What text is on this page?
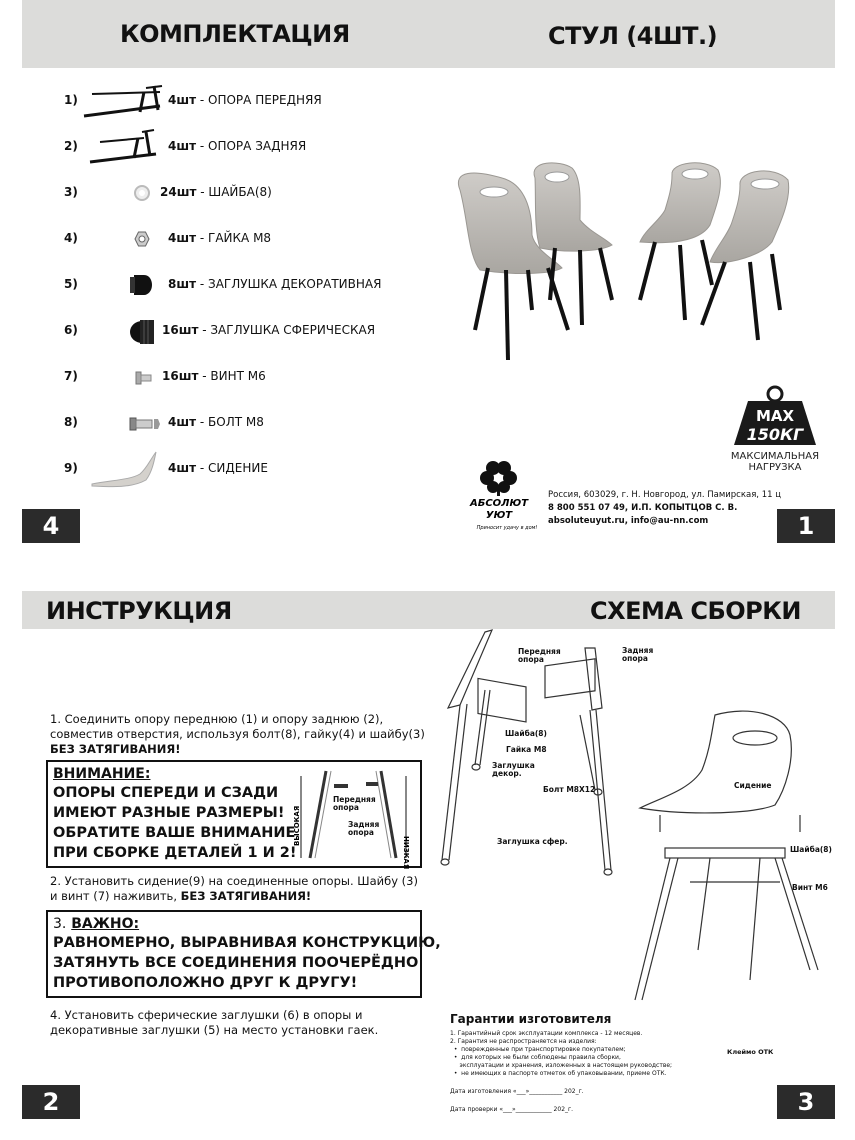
КОМПЛЕКТАЦИЯ	СТУЛ (4ШТ.)
1)	4шт - ОПОРА ПЕРЕДНЯЯ
2)	4шт - ОПОРА ЗАДНЯЯ
3)	24шт - ШАЙБА(8)
4)	4шт - ГАЙКА М8
5)	8шт - ЗАГЛУШКА ДЕКОРАТИВНАЯ
6)	16шт - ЗАГЛУШКА СФЕРИЧЕСКАЯ
7)	16шт - ВИНТ М6
8)	4шт - БОЛТ М8
9)	4шт - СИДЕНИЕ
4
MAX
150КГ
МАКСИМАЛЬНАЯ
НАГРУЗКА
АБСОЛЮТ
УЮТ
Приносит удачу в дом!
Россия, 603029, г. Н. Новгород, ул. Памирская, 11 ц
8 800 551 07 49, И.П. КОПЫТЦОВ С. В.
absoluteuyut.ru, info@au-nn.com	1
ИНСТРУКЦИЯ	СХЕМА СБОРКИ
1. Соединить опору переднюю (1) и опору заднюю (2), совместив отверстия, используя болт(8), гайку(4) и шайбу(3) БЕЗ ЗАТЯГИВАНИЯ!
ВНИМАНИЕ:
ОПОРЫ СПЕРЕДИ И СЗАДИ
ИМЕЮТ РАЗНЫЕ РАЗМЕРЫ!
ОБРАТИТЕ ВАШЕ ВНИМАНИЕ
ПРИ СБОРКЕ ДЕТАЛЕЙ 1 И 2!
ВЫСОКАЯ
НИЗКАЯ
Передняя опора
Задняя опора
2. Установить сидение(9) на соединенные опоры. Шайбу (3) и винт (7) наживить, БЕЗ ЗАТЯГИВАНИЯ!
3. ВАЖНО:
РАВНОМЕРНО, ВЫРАВНИВАЯ КОНСТРУКЦИЮ,
ЗАТЯНУТЬ ВСЕ СОЕДИНЕНИЯ ПООЧЕРЁДНО
ПРОТИВОПОЛОЖНО ДРУГ К ДРУГУ!
4. Установить сферические заглушки (6) в опоры и декоративные заглушки (5) на место установки гаек.
2
Передняя
опора
Задняя
опора
Шайба(8)
Гайка М8
Заглушка
декор.
Болт М8Х12
Заглушка сфер.
Сидение
Шайба(8)
Винт М6
Гарантии изготовителя
1. Гарантийный срок эксплуатации комплекса - 12 месяцев.
2. Гарантия не распространяется на изделия:
•  поврежденные при транспортировке покупателем;
•  для которых не были соблюдены правила сборки,
эксплуатации и хранения, изложенных в настоящем руководстве;
•  не имеющих в паспорте отметок об упаковывании, приеме ОТК.
Дата изготовления «___»___________ 202_г.
Дата проверки «___»____________ 202_г.
Клеймо ОТК
3
